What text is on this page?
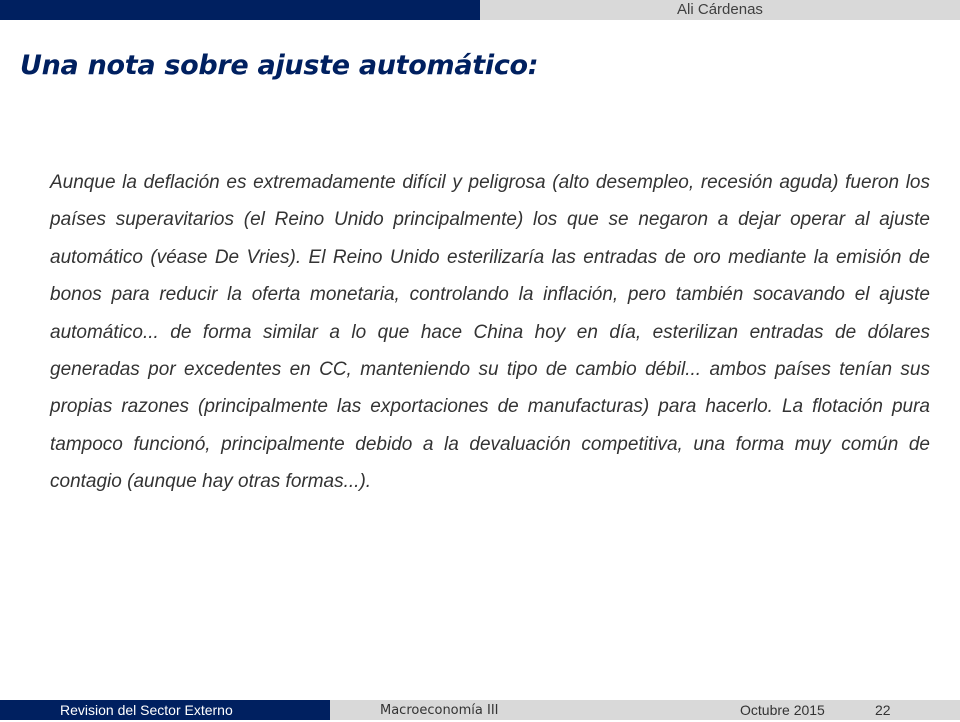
Ali Cárdenas
Una nota sobre ajuste automático:

Aunque la deflación es extremadamente difícil y peligrosa (alto desempleo, recesión aguda) fueron los países superavitarios (el Reino Unido principalmente) los que se negaron a dejar operar al ajuste automático (véase De Vries). El Reino Unido esterilizaría las entradas de oro mediante la emisión de bonos para reducir la oferta monetaria, controlando la inflación, pero también socavando el ajuste automático... de forma similar a lo que hace China hoy en día, esterilizan entradas de dólares generadas por excedentes en CC, manteniendo su tipo de cambio débil... ambos países tenían sus propias razones (principalmente las exportaciones de manufacturas) para hacerlo. La flotación pura tampoco funcionó, principalmente debido a la devaluación competitiva, una forma muy común de contagio (aunque hay otras formas...).

Revision del Sector Externo	Macroeconomía III	Octubre 2015	22
